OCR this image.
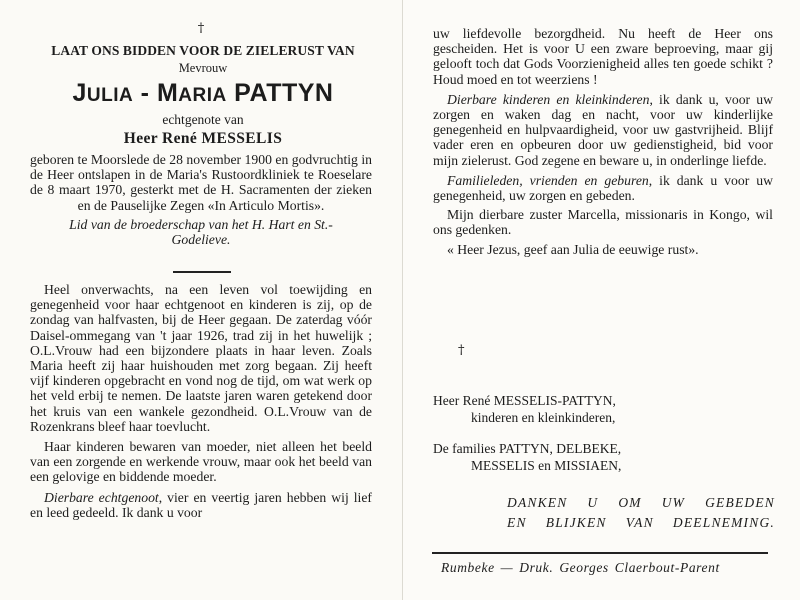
†
LAAT ONS BIDDEN VOOR DE ZIELERUST VAN
Mevrouw
JULIA - MARIA PATTYN
echtgenote van
Heer René MESSELIS

geboren te Moorslede de 28 november 1900 en godvruchtig in de Heer ontslapen in de Maria's Rustoordkliniek te Roeselare de 8 maart 1970, gesterkt met de H. Sacramenten der zieken en de Pauselijke Zegen «In Articulo Mortis».

Lid van de broederschap van het H. Hart en St.-Godelieve.

Heel onverwachts, na een leven vol toewijding en genegenheid voor haar echtgenoot en kinderen is zij, op de zondag van halfvasten, bij de Heer gegaan. De zaterdag vóór Daisel-ommegang van 't jaar 1926, trad zij in het huwelijk ; O.L.Vrouw had een bijzondere plaats in haar leven. Zoals Maria heeft zij haar huishouden met zorg begaan. Zij heeft vijf kinderen opgebracht en vond nog de tijd, om wat werk op het veld erbij te nemen. De laatste jaren waren getekend door het kruis van een wankele gezondheid. O.L.Vrouw van de Rozenkrans bleef haar toevlucht.

Haar kinderen bewaren van moeder, niet alleen het beeld van een zorgende en werkende vrouw, maar ook het beeld van een gelovige en biddende moeder.

Dierbare echtgenoot, vier en veertig jaren hebben wij lief en leed gedeeld. Ik dank u voor

uw liefdevolle bezorgdheid. Nu heeft de Heer ons gescheiden. Het is voor U een zware beproeving, maar gij gelooft toch dat Gods Voorzienigheid alles ten goede schikt ? Houd moed en tot weerziens !

Dierbare kinderen en kleinkinderen, ik dank u, voor uw zorgen en waken dag en nacht, voor uw kinderlijke genegenheid en hulpvaardigheid, voor uw gastvrijheid. Blijf vader eren en opbeuren door uw gedienstigheid, bid voor mijn zielerust. God zegene en beware u, in onderlinge liefde.

Familieleden, vrienden en geburen, ik dank u voor uw genegenheid, uw zorgen en gebeden.

Mijn dierbare zuster Marcella, missionaris in Kongo, wil ons gedenken.

« Heer Jezus, geef aan Julia de eeuwige rust».

†
Heer René MESSELIS-PATTYN,
kinderen en kleinkinderen,
De families PATTYN, DELBEKE,
MESSELIS en MISSIAEN,
DANKEN U OM UW GEBEDEN
EN BLIJKEN VAN DEELNEMING.
Rumbeke — Druk. Georges Claerbout-Parent
